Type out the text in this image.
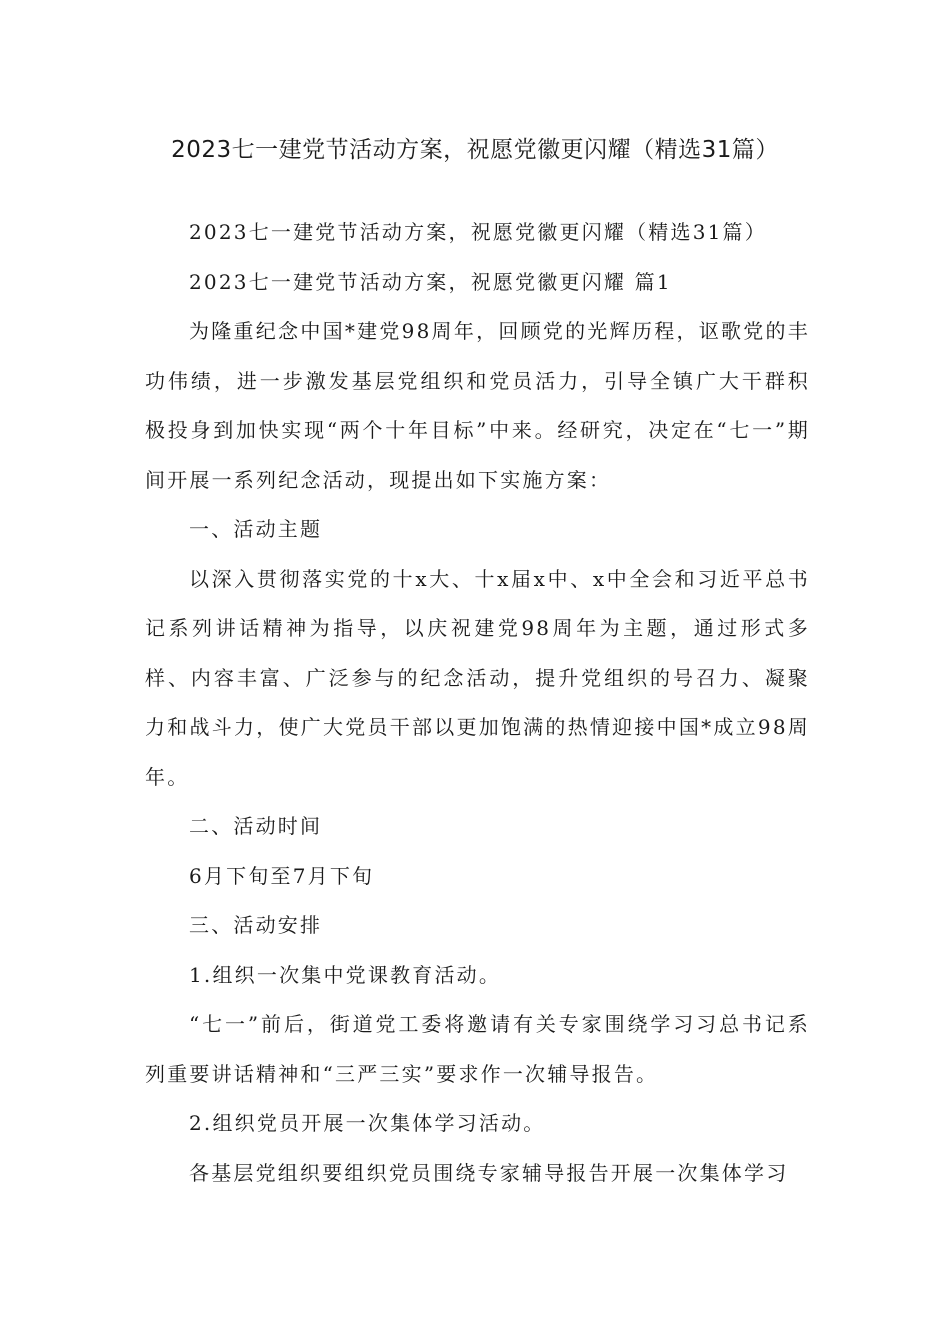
2023七一建党节活动方案，祝愿党徽更闪耀（精选31篇）

2023七一建党节活动方案，祝愿党徽更闪耀（精选31篇）

2023七一建党节活动方案，祝愿党徽更闪耀 篇1

为隆重纪念中国*建党98周年，回顾党的光辉历程，讴歌党的丰功伟绩，进一步激发基层党组织和党员活力，引导全镇广大干群积极投身到加快实现“两个十年目标”中来。经研究，决定在“七一”期间开展一系列纪念活动，现提出如下实施方案：

一、活动主题

以深入贯彻落实党的十x大、十x届x中、x中全会和习近平总书记系列讲话精神为指导，以庆祝建党98周年为主题，通过形式多样、内容丰富、广泛参与的纪念活动，提升党组织的号召力、凝聚力和战斗力，使广大党员干部以更加饱满的热情迎接中国*成立98周年。

二、活动时间

6月下旬至7月下旬

三、活动安排

1.组织一次集中党课教育活动。

“七一”前后，街道党工委将邀请有关专家围绕学习习总书记系列重要讲话精神和“三严三实”要求作一次辅导报告。

2.组织党员开展一次集体学习活动。

各基层党组织要组织党员围绕专家辅导报告开展一次集体学习
